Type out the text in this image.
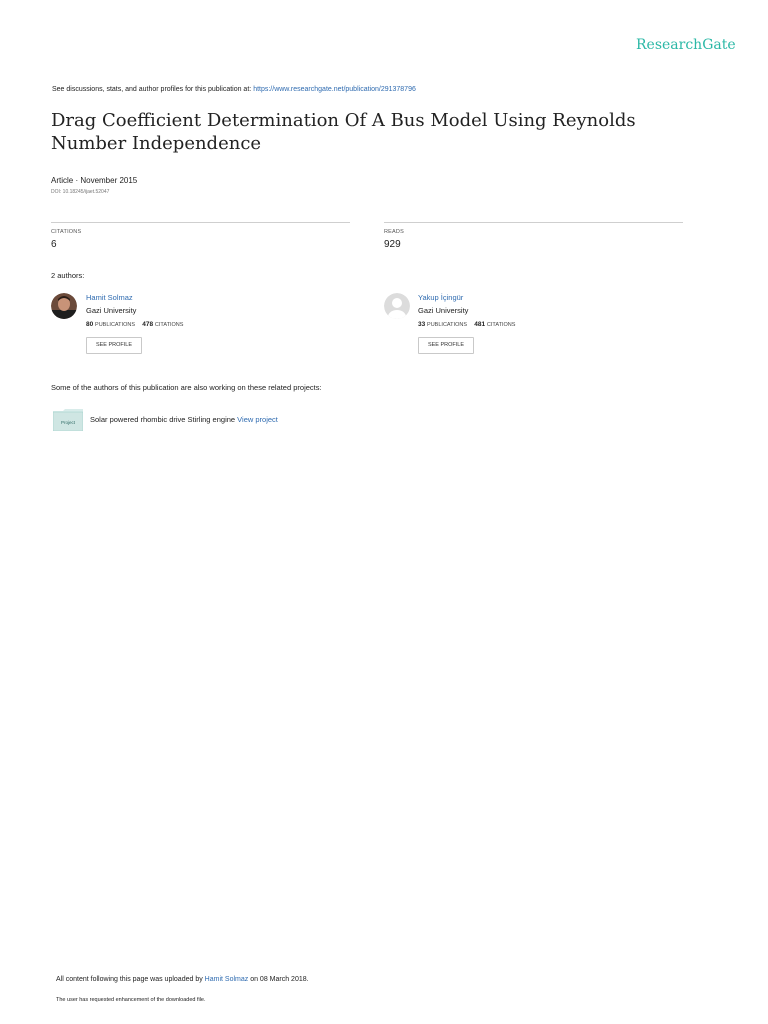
ResearchGate
See discussions, stats, and author profiles for this publication at: https://www.researchgate.net/publication/291378796
Drag Coefficient Determination Of A Bus Model Using Reynolds Number Independence
Article · November 2015
DOI: 10.18245/ijaet.52047
CITATIONS
6
READS
929
2 authors:
Hamit Solmaz
Gazi University
80 PUBLICATIONS 478 CITATIONS
SEE PROFILE
Yakup İçingür
Gazi University
33 PUBLICATIONS 481 CITATIONS
SEE PROFILE
Some of the authors of this publication are also working on these related projects:
Project Solar powered rhombic drive Stirling engine View project
All content following this page was uploaded by Hamit Solmaz on 08 March 2018.
The user has requested enhancement of the downloaded file.
